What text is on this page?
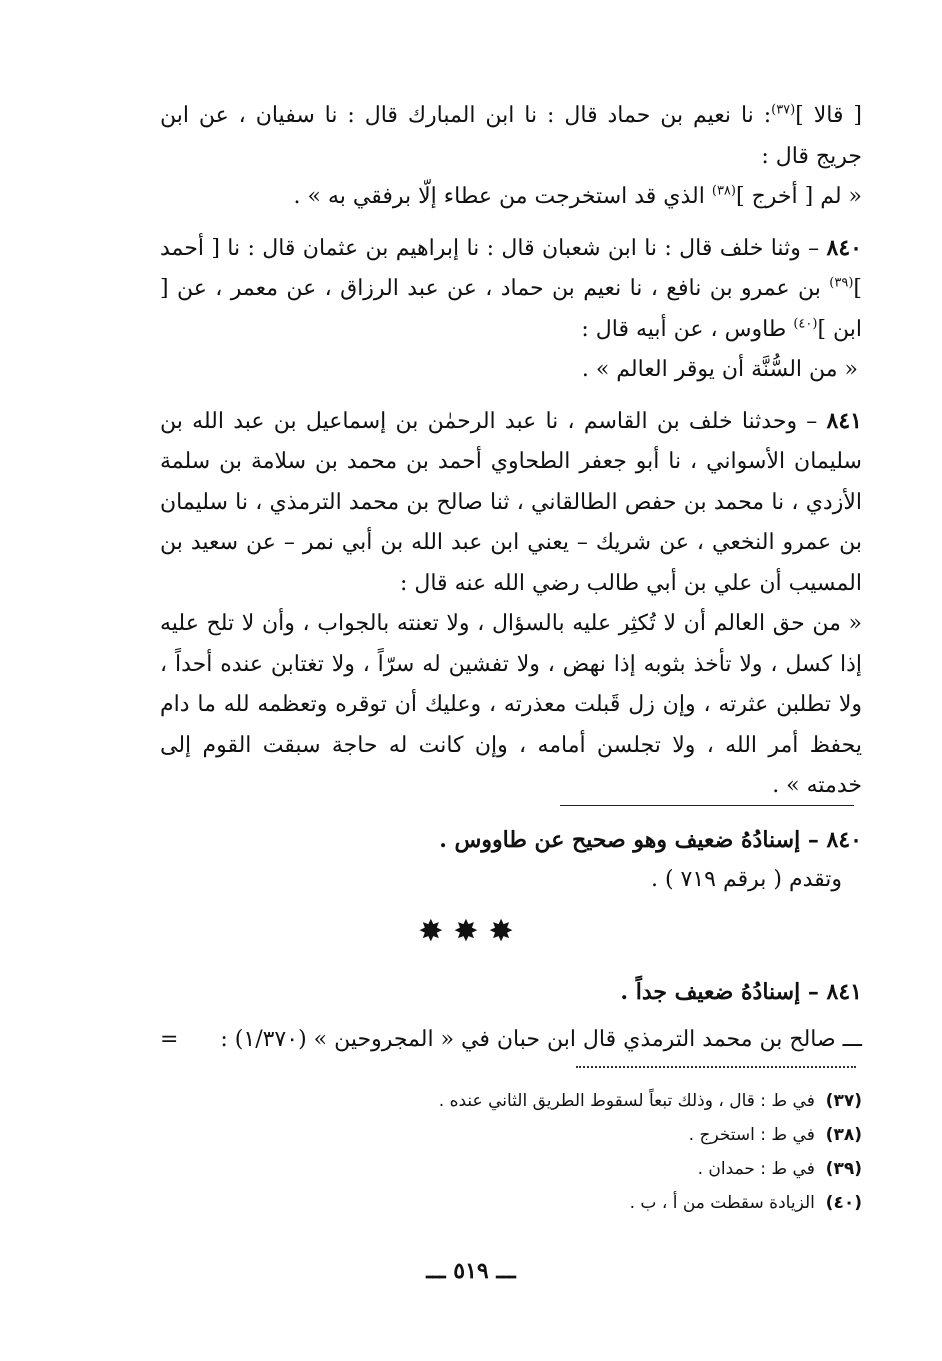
[ قالا ]$^{(٣٧)}$: نا نعيم بن حماد قال : نا ابن المبارك قال : نا سفيان ، عن ابن جريج قال :

« لم [ أخرج ]$^{(٣٨)}$ الذي قد استخرجت من عطاء إلّا برفقي به » .

٨٤٠ – وثنا خلف قال : نا ابن شعبان قال : نا إبراهيم بن عثمان قال : نا [ أحمد ]$^{(٣٩)}$ بن عمرو بن نافع ، نا نعيم بن حماد ، عن عبد الرزاق ، عن معمر ، عن [ ابن ]$^{(٤٠)}$ طاوس ، عن أبيه قال :

« من السُّنَّة أن يوقر العالم » .

٨٤١ – وحدثنا خلف بن القاسم ، نا عبد الرحمٰن بن إسماعيل بن عبد الله بن سليمان الأسواني ، نا أبو جعفر الطحاوي أحمد بن محمد بن سلامة بن سلمة الأزدي ، نا محمد بن حفص الطالقاني ، ثنا صالح بن محمد الترمذي ، نا سليمان بن عمرو النخعي ، عن شريك – يعني ابن عبد الله بن أبي نمر – عن سعيد بن المسيب أن علي بن أبي طالب رضي الله عنه قال :

« من حق العالم أن لا تُكثِر عليه بالسؤال ، ولا تعنته بالجواب ، وأن لا تلح عليه إذا كسل ، ولا تأخذ بثوبه إذا نهض ، ولا تفشين له سرّاً ، ولا تغتابن عنده أحداً ، ولا تطلبن عثرته ، وإن زل قَبلت معذرته ، وعليك أن توقره وتعظمه لله ما دام يحفظ أمر الله ، ولا تجلسن أمامه ، وإن كانت له حاجة سبقت القوم إلى خدمته » .

٨٤٠ – إسنادُهُ ضعيف وهو صحيح عن طاووس .

وتقدم ( برقم ٧١٩ ) .

✸✸✸

٨٤١ – إسنادُهُ ضعيف جداً .

ـــ صالح بن محمد الترمذي قال ابن حبان في « المجروحين » (١/٣٧٠) :

=
(٣٧)  في ط : قال ، وذلك تبعاً لسقوط الطريق الثاني عنده .
(٣٨)  في ط : استخرج .
(٣٩)  في ط : حمدان .
(٤٠)  الزيادة سقطت من أ ، ب .
ـــ ٥١٩ ـــ
